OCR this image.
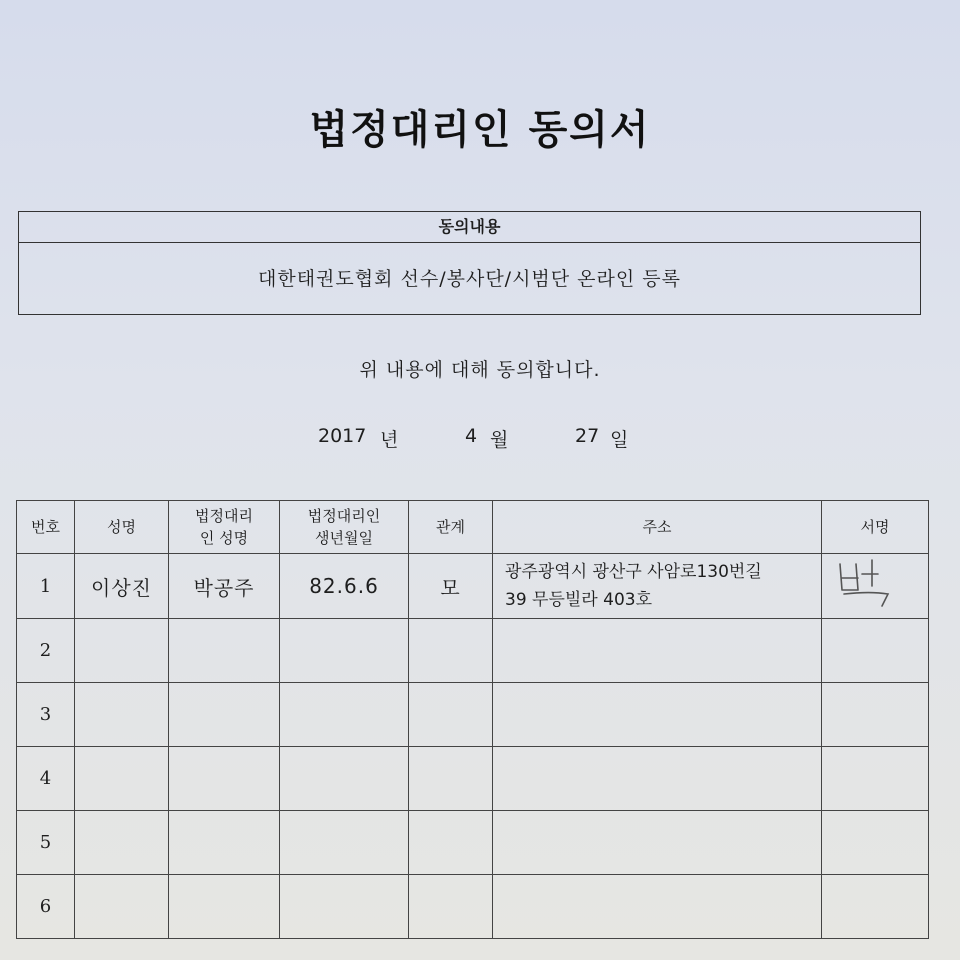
법정대리인 동의서
동의내용
대한태권도협회 선수/봉사단/시범단 온라인 등록
위 내용에 대해 동의합니다.
2017 년	4 월	27 일
번호	성명	법정대리인 성명	법정대리인 생년월일	관계	주소	서명
1	이상진	박공주	82.6.6	모	광주광역시 광산구 사암로130번길
39 무등빌라 403호

2						
3						
4						
5						
6						
